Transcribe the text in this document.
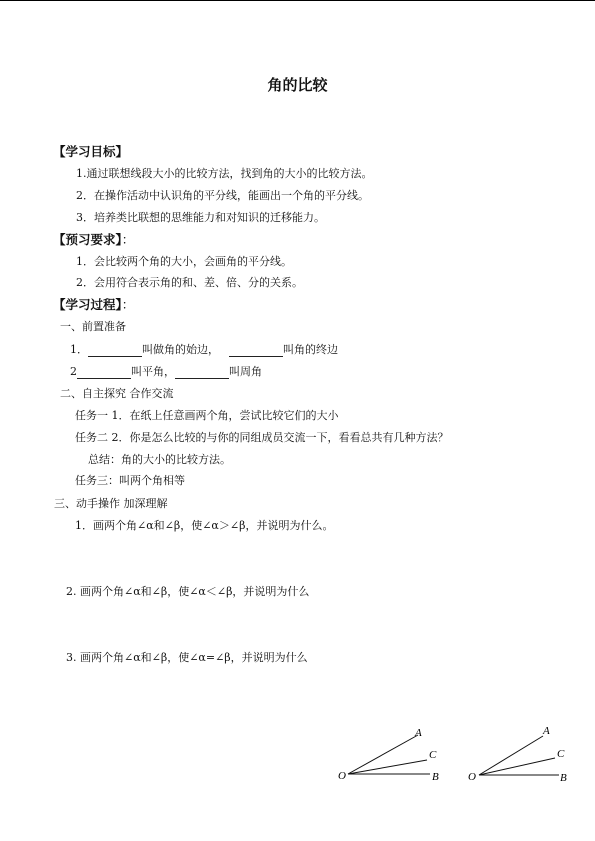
角的比较
【学习目标】
1.通过联想线段大小的比较方法，找到角的大小的比较方法。
2．在操作活动中认识角的平分线，能画出一个角的平分线。
3．培养类比联想的思维能力和对知识的迁移能力。
【预习要求】：
1．会比较两个角的大小，会画角的平分线。
2．会用符合表示角的和、差、倍、分的关系。
【学习过程】：
一、前置准备
1．	叫做角的始边，	叫角的终边
2	叫平角，	叫周角
二、自主探究 合作交流
任务一 1．在纸上任意画两个角，尝试比较它们的大小
任务二 2．你是怎么比较的与你的同组成员交流一下，看看总共有几种方法？
总结：角的大小的比较方法。
任务三：叫两个角相等
三、动手操作 加深理解
1．画两个角∠α和∠β，使∠α＞∠β，并说明为什么。
2. 画两个角∠α和∠β，使∠α＜∠β，并说明为什么
3. 画两个角∠α和∠β，使∠α=∠β，并说明为什么
O
A
C
B	O
A
C
B
